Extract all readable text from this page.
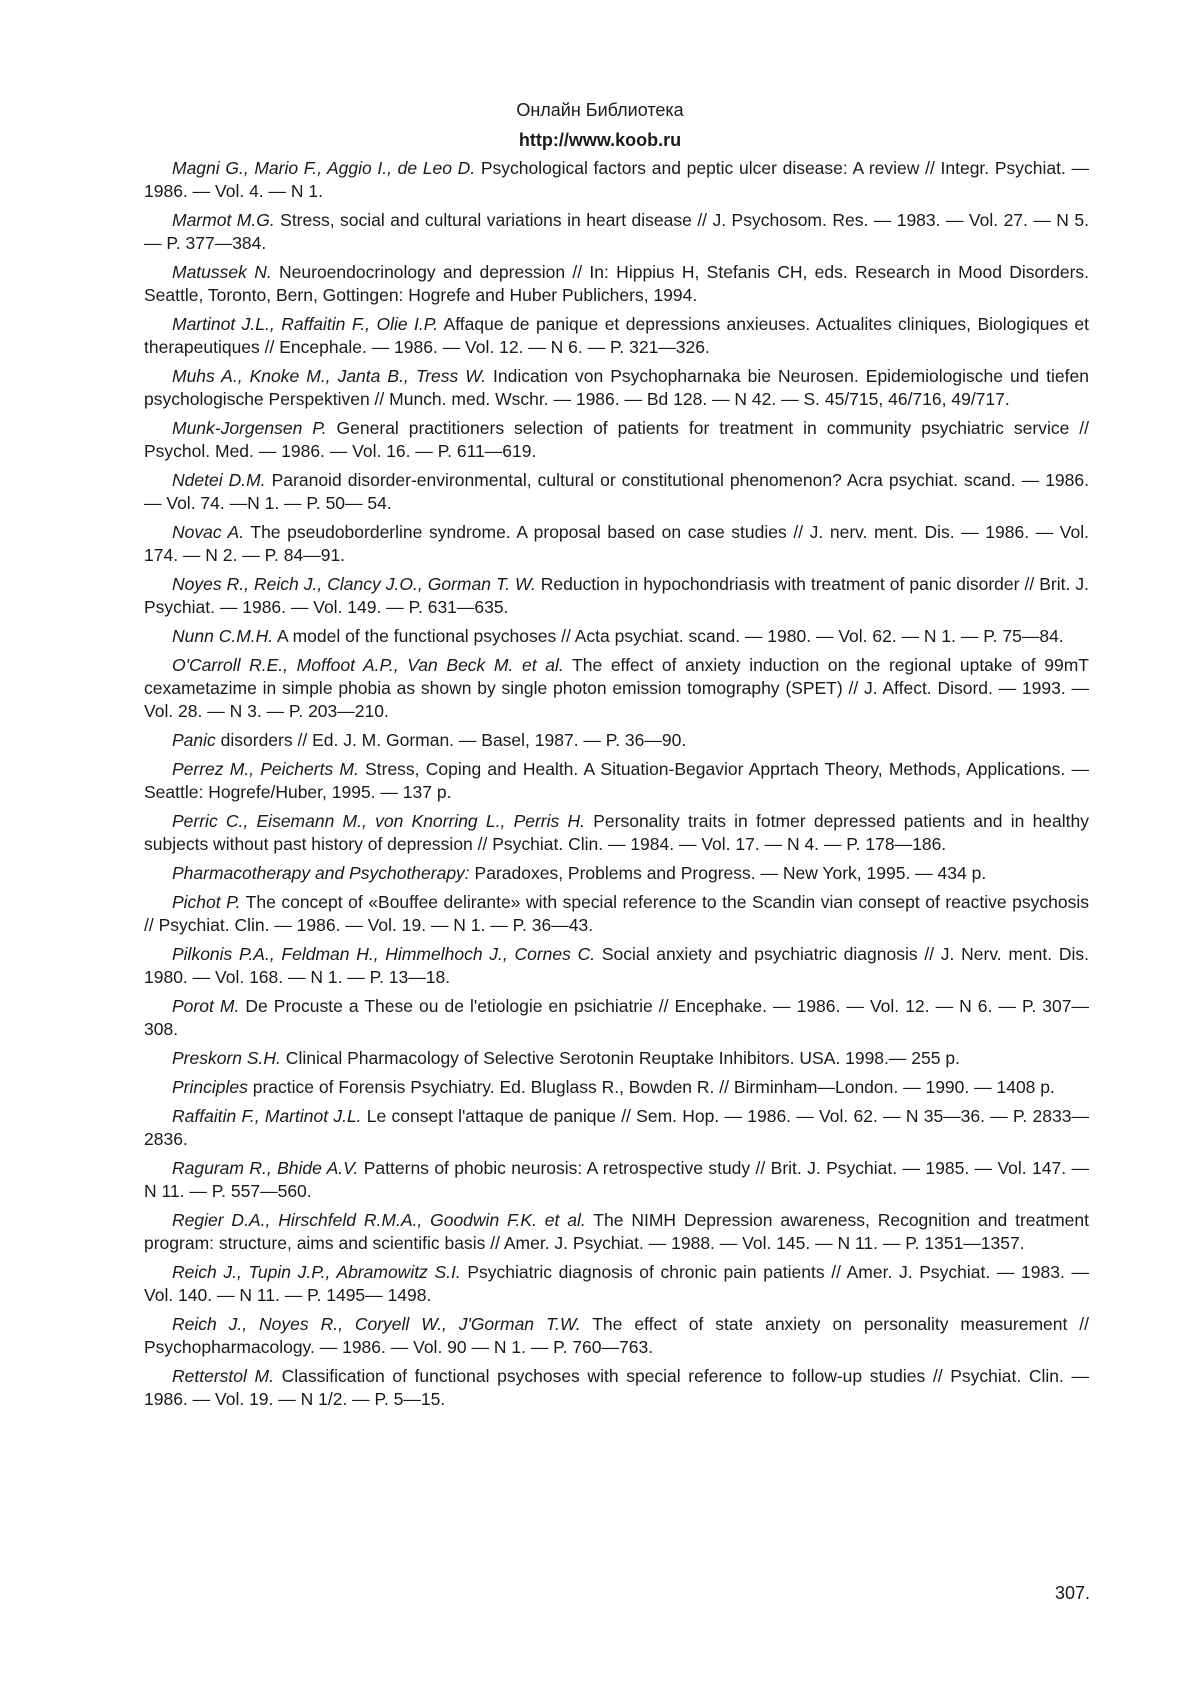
Онлайн Библиотека
http://www.koob.ru

Magni G., Mario F., Aggio I., de Leo D. Psychological factors and peptic ulcer disease: A review // Integr. Psychiat. — 1986. — Vol. 4. — N 1.

Marmot M.G. Stress, social and cultural variations in heart disease // J. Psychosom. Res. — 1983. — Vol. 27. — N 5. — P. 377—384.

Matussek N. Neuroendocrinology and depression // In: Hippius H, Stefanis CH, eds. Research in Mood Disorders. Seattle, Toronto, Bern, Gottingen: Hogrefe and Huber Publichers, 1994.

Martinot J.L., Raffaitin F., Olie I.P. Affaque de panique et depressions anxieuses. Actualites cliniques, Biologiques et therapeutiques // Encephale. — 1986. — Vol. 12. — N 6. — P. 321—326.

Muhs A., Knoke M., Janta B., Tress W. Indication von Psychopharnaka bie Neurosen. Epidemiologische und tiefen psychologische Perspektiven // Munch. med. Wschr. — 1986. — Bd 128. — N 42. — S. 45/715, 46/716, 49/717.

Munk-Jorgensen P. General practitioners selection of patients for treatment in community psychiatric service // Psychol. Med. — 1986. — Vol. 16. — P. 611—619.

Ndetei D.M. Paranoid disorder-environmental, cultural or constitutional phenomenon? Acra psychiat. scand. — 1986. — Vol. 74. —N 1. — P. 50— 54.

Novac A. The pseudoborderline syndrome. A proposal based on case studies // J. nerv. ment. Dis. — 1986. — Vol. 174. — N 2. — P. 84—91.

Noyes R., Reich J., Clancy J.O., Gorman T. W. Reduction in hypochondriasis with treatment of panic disorder // Brit. J. Psychiat. — 1986. — Vol. 149. — P. 631—635.

Nunn C.M.H. A model of the functional psychoses // Acta psychiat. scand. — 1980. — Vol. 62. — N 1. — P. 75—84.

O'Carroll R.E., Moffoot A.P., Van Beck M. et al. The effect of anxiety induction on the regional uptake of 99mT cexametazime in simple phobia as shown by single photon emission tomography (SPET) // J. Affect. Disord. — 1993. — Vol. 28. — N 3. — P. 203—210.

Panic disorders // Ed. J. M. Gorman. — Basel, 1987. — P. 36—90.

Perrez M., Peicherts M. Stress, Coping and Health. A Situation-Begavior Apprtach Theory, Methods, Applications. — Seattle: Hogrefe/Huber, 1995. — 137 p.

Perric C., Eisemann M., von Knorring L., Perris H. Personality traits in fotmer depressed patients and in healthy subjects without past history of depression // Psychiat. Clin. — 1984. — Vol. 17. — N 4. — P. 178—186.

Pharmacotherapy and Psychotherapy: Paradoxes, Problems and Progress. — New York, 1995. — 434 p.

Pichot P. The concept of «Bouffee delirante» with special reference to the Scandin vian consept of reactive psychosis // Psychiat. Clin. — 1986. — Vol. 19. — N 1. — P. 36—43.

Pilkonis P.A., Feldman H., Himmelhoch J., Cornes C. Social anxiety and psychiatric diagnosis // J. Nerv. ment. Dis. 1980. — Vol. 168. — N 1. — P. 13—18.

Porot M. De Procuste a These ou de l'etiologie en psichiatrie // Encephake. — 1986. — Vol. 12. — N 6. — P. 307—308.

Preskorn S.H. Clinical Pharmacology of Selective Serotonin Reuptake Inhibitors. USA. 1998.— 255 p.

Principles practice of Forensis Psychiatry. Ed. Bluglass R., Bowden R. // Birminham—London. — 1990. — 1408 p.

Raffaitin F., Martinot J.L. Le consept l'attaque de panique // Sem. Hop. — 1986. — Vol. 62. — N 35—36. — P. 2833—2836.

Raguram R., Bhide A.V. Patterns of phobic neurosis: A retrospective study // Brit. J. Psychiat. — 1985. — Vol. 147. — N 11. — P. 557—560.

Regier D.A., Hirschfeld R.M.A., Goodwin F.K. et al. The NIMH Depression awareness, Recognition and treatment program: structure, aims and scientific basis // Amer. J. Psychiat. — 1988. — Vol. 145. — N 11. — P. 1351—1357.

Reich J., Tupin J.P., Abramowitz S.I. Psychiatric diagnosis of chronic pain patients // Amer. J. Psychiat. — 1983. — Vol. 140. — N 11. — P. 1495— 1498.

Reich J., Noyes R., Coryell W., J'Gorman T.W. The effect of state anxiety on personality measurement // Psychopharmacology. — 1986. — Vol. 90 — N 1. — P. 760—763.

Retterstol M. Classification of functional psychoses with special reference to follow-up studies // Psychiat. Clin. — 1986. — Vol. 19. — N 1/2. — P. 5—15.

307.
